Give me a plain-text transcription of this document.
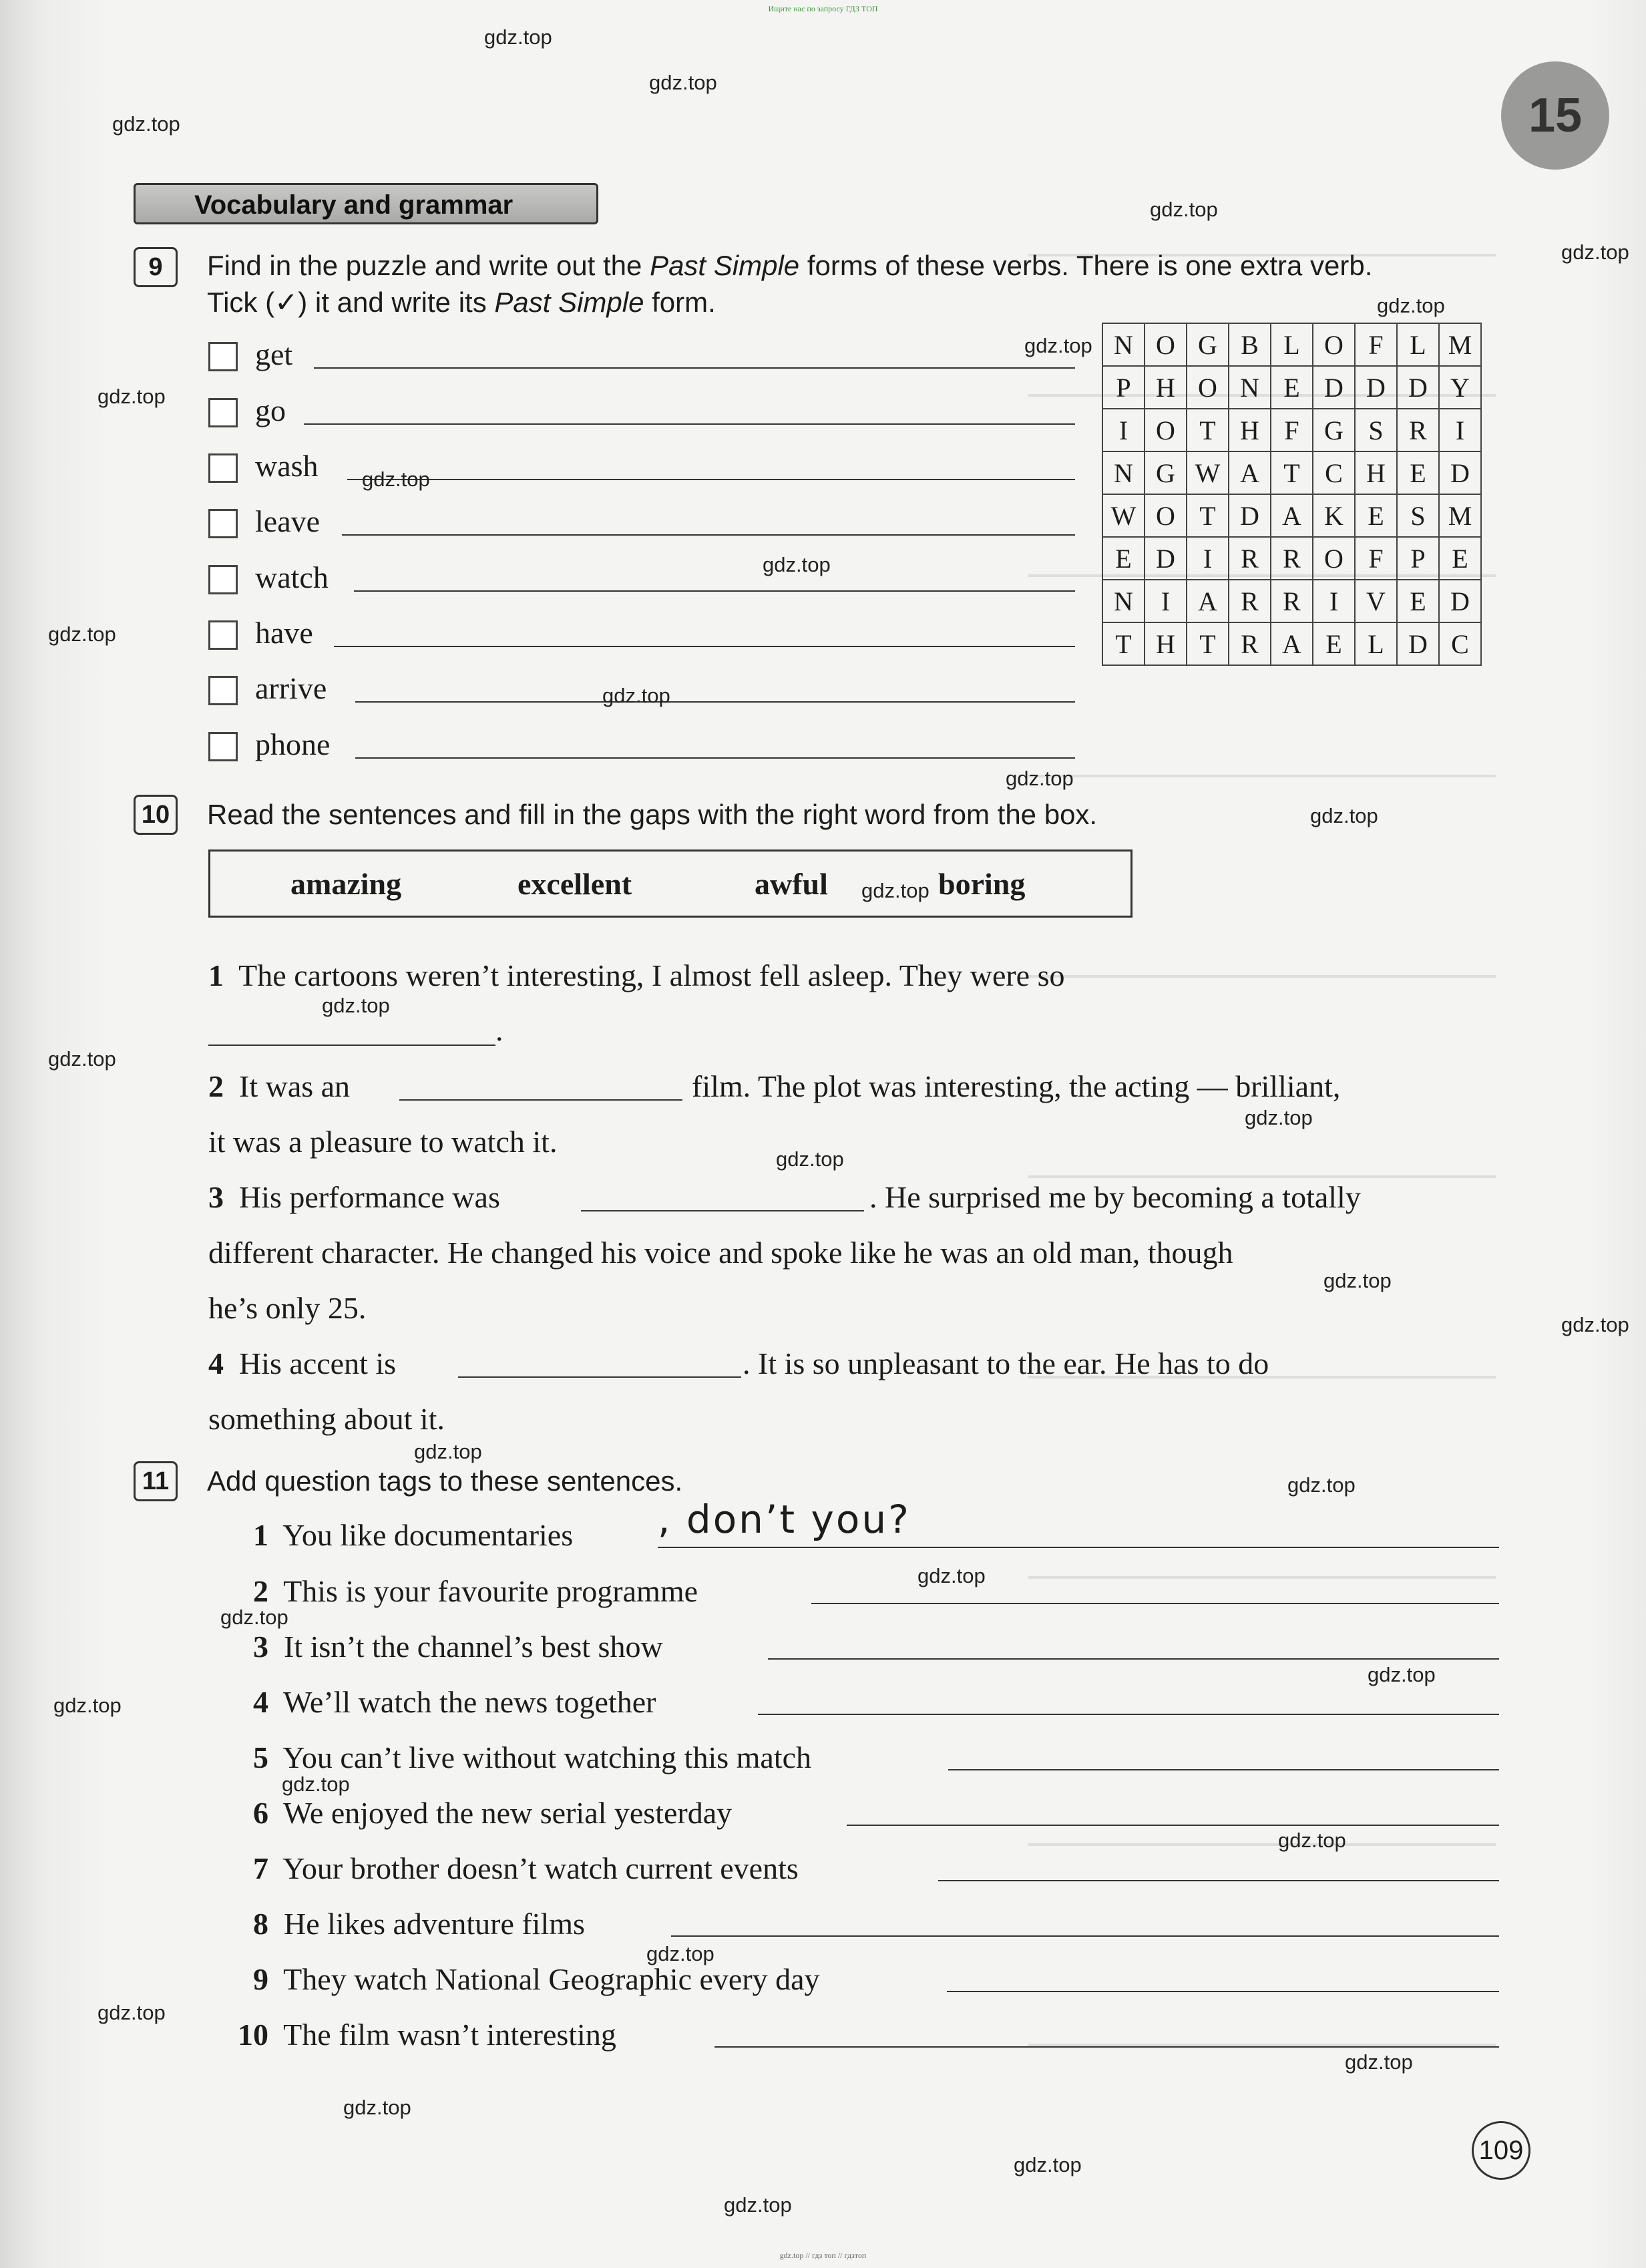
Ищите нас по запросу ГДЗ ТОП
15
Vocabulary and grammar
9	Find in the puzzle and write out the Past Simple forms of these verbs. There is one extra verb.
Tick (✓) it and write its Past Simple form.
get
go
wash
leave
watch
have
arrive
phone
N	O	G	B	L	O	F	L	M
P	H	O	N	E	D	D	D	Y
I	O	T	H	F	G	S	R	I
N	G	W	A	T	C	H	E	D
W	O	T	D	A	K	E	S	M
E	D	I	R	R	O	F	P	E
N	I	A	R	R	I	V	E	D
T	H	T	R	A	E	L	D	C
10 Read the sentences and fill in the gaps with the right word from the box.
amazing	excellent	awful	boring
1 The cartoons weren’t interesting, I almost fell asleep. They were so
.
2 It was an	film. The plot was interesting, the acting — brilliant,
it was a pleasure to watch it.
3 His performance was	. He surprised me by becoming a totally
different character. He changed his voice and spoke like he was an old man, though
he’s only 25.
4 His accent is	. It is so unpleasant to the ear. He has to do
something about it.
11	Add question tags to these sentences.
1 You like documentaries , don’t you?
2 This is your favourite programme
3 It isn’t the channel’s best show
4 We’ll watch the news together
5 You can’t live without watching this match
6 We enjoyed the new serial yesterday
7 Your brother doesn’t watch current events
8 He likes adventure films
9 They watch National Geographic every day
10 The film wasn’t interesting
109
gdz.top
gdz.top
gdz.top
gdz.top
gdz.top
gdz.top
gdz.top
gdz.top
gdz.top
gdz.top
gdz.top
gdz.top
gdz.top
gdz.top
gdz.top
gdz.top
gdz.top
gdz.top
gdz.top
gdz.top
gdz.top
gdz.top
gdz.top
gdz.top
gdz.top
gdz.top
gdz.top
gdz.top
gdz.top
gdz.top
gdz.top
gdz.top
gdz.top
gdz.top
gdz.top
gdz.top // гдз топ // гдзтоп
